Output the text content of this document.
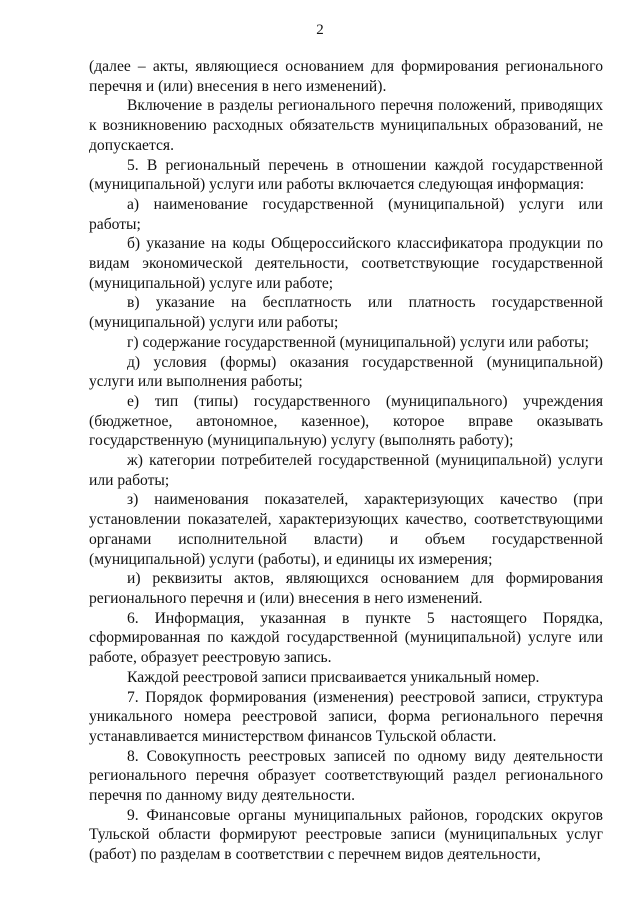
2

(далее – акты, являющиеся основанием для формирования регионального перечня и (или) внесения в него изменений).

Включение в разделы регионального перечня положений, приводящих к возникновению расходных обязательств муниципальных образований, не допускается.

5. В региональный перечень в отношении каждой государственной (муниципальной) услуги или работы включается следующая информация:

а) наименование государственной (муниципальной) услуги или работы;

б) указание на коды Общероссийского классификатора продукции по видам экономической деятельности, соответствующие государственной (муниципальной) услуге или работе;

в) указание на бесплатность или платность государственной (муниципальной) услуги или работы;

г) содержание государственной (муниципальной) услуги или работы;

д) условия (формы) оказания государственной (муниципальной) услуги или выполнения работы;

е) тип (типы) государственного (муниципального) учреждения (бюджетное, автономное, казенное), которое вправе оказывать государственную (муниципальную) услугу (выполнять работу);

ж) категории потребителей государственной (муниципальной) услуги или работы;

з) наименования показателей, характеризующих качество (при установлении показателей, характеризующих качество, соответствующими органами исполнительной власти) и объем государственной (муниципальной) услуги (работы), и единицы их измерения;

и) реквизиты актов, являющихся основанием для формирования регионального перечня и (или) внесения в него изменений.

6. Информация, указанная в пункте 5 настоящего Порядка, сформированная по каждой государственной (муниципальной) услуге или работе, образует реестровую запись.

Каждой реестровой записи присваивается уникальный номер.

7. Порядок формирования (изменения) реестровой записи, структура уникального номера реестровой записи, форма регионального перечня устанавливается министерством финансов Тульской области.

8. Совокупность реестровых записей по одному виду деятельности регионального перечня образует соответствующий раздел регионального перечня по данному виду деятельности.

9. Финансовые органы муниципальных районов, городских округов Тульской области формируют реестровые записи (муниципальных услуг (работ) по разделам в соответствии с перечнем видов деятельности,
